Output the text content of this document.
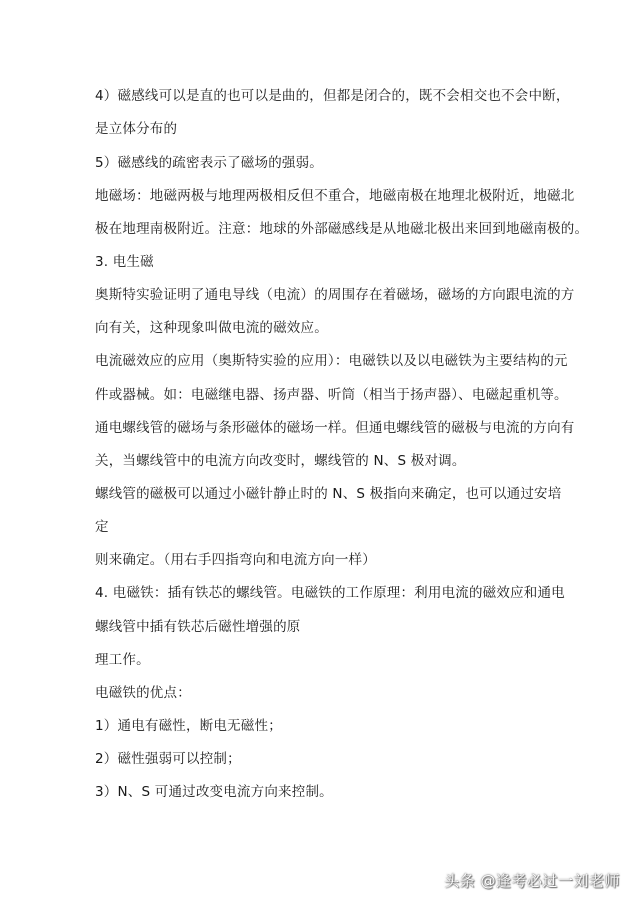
4）磁感线可以是直的也可以是曲的，但都是闭合的，既不会相交也不会中断，
是立体分布的
5）磁感线的疏密表示了磁场的强弱。
地磁场：地磁两极与地理两极相反但不重合，地磁南极在地理北极附近，地磁北
极在地理南极附近。注意：地球的外部磁感线是从地磁北极出来回到地磁南极的。
3. 电生磁
奥斯特实验证明了通电导线（电流）的周围存在着磁场，磁场的方向跟电流的方
向有关，这种现象叫做电流的磁效应。
电流磁效应的应用（奥斯特实验的应用）：电磁铁以及以电磁铁为主要结构的元
件或器械。如：电磁继电器、扬声器、听筒（相当于扬声器）、电磁起重机等。
通电螺线管的磁场与条形磁体的磁场一样。但通电螺线管的磁极与电流的方向有
关，当螺线管中的电流方向改变时，螺线管的 N、S 极对调。
螺线管的磁极可以通过小磁针静止时的 N、S 极指向来确定，也可以通过安培
定
则来确定。（用右手四指弯向和电流方向一样）
4. 电磁铁：插有铁芯的螺线管。电磁铁的工作原理：利用电流的磁效应和通电
螺线管中插有铁芯后磁性增强的原
理工作。
电磁铁的优点：
1）通电有磁性，断电无磁性；
2）磁性强弱可以控制；
3）N、S 可通过改变电流方向来控制。
头条 @逢考必过一刘老师
